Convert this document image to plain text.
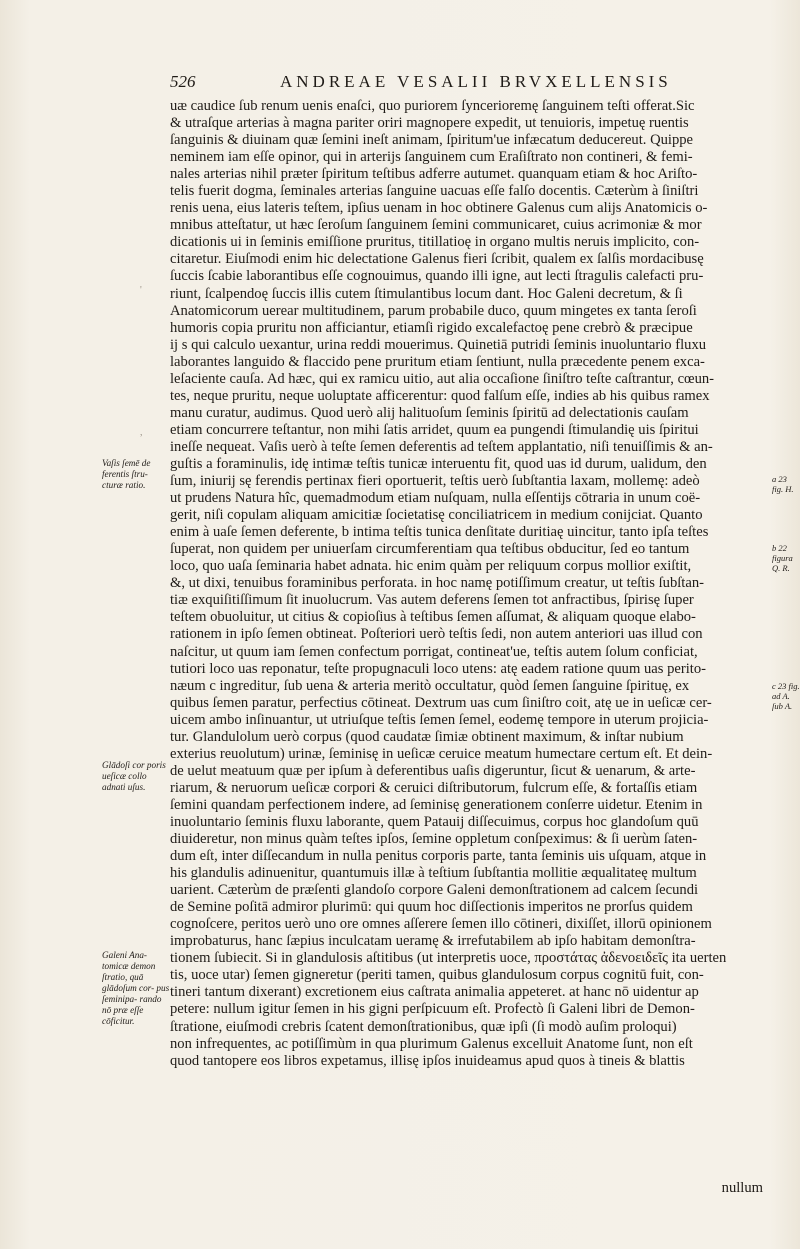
526	ANDREAE VESALII BRVXELLENSIS
uæ caudice ſub renum uenis enaſci, quo puriorem ſyncerioremę ſanguinem teſti offerat.Sic
& utraſque arterias à magna pariter oriri magnopere expedit, ut tenuioris, impetuę ruentis
ſanguinis & diuinam quæ ſemini ineſt animam, ſpiritum'ue infæcatum deducereut. Quippe
neminem iam eſſe opinor, qui in arterijs ſanguinem cum Eraſiſtrato non contineri, & femi-
nales arterias nihil præter ſpiritum teſtibus adferre autumet. quanquam etiam & hoc Ariſto-
telis fuerit dogma, ſeminales arterias ſanguine uacuas eſſe falſo docentis. Cæterùm à ſiniſtri
renis uena, eius lateris teſtem, ipſius uenam in hoc obtinere Galenus cum alijs Anatomicis o-
mnibus atteſtatur, ut hæc ſeroſum ſanguinem ſemini communicaret, cuius acrimoniæ & mor
dicationis ui in ſeminis emiſſione pruritus, titillatioę in organo multis neruis implicito, con-
citaretur. Eiuſmodi enim hic delectatione Galenus fieri ſcribit, qualem ex ſalſis mordacibusę
ſuccis ſcabie laborantibus eſſe cognouimus, quando illi igne, aut lecti ſtragulis calefacti pru-
riunt, ſcalpendoę ſuccis illis cutem ſtimulantibus locum dant. Hoc Galeni decretum, & ſi
Anatomicorum uerear multitudinem, parum probabile duco, quum mingetes ex tanta ſeroſi
humoris copia pruritu non afficiantur, etiamſi rigido excalefactoę pene crebrò & præcipue
ij s qui calculo uexantur, urina reddi mouerimus. Quinetiā putridi ſeminis inuoluntario fluxu
laborantes languido & flaccido pene pruritum etiam ſentiunt, nulla præcedente penem exca-
leſaciente cauſa. Ad hæc, qui ex ramicu uitio, aut alia occaſione ſiniſtro teſte caſtrantur, cœun-
tes, neque pruritu, neque uoluptate afficerentur: quod falſum eſſe, indies ab his quibus ramex
manu curatur, audimus. Quod uerò alij halituoſum ſeminis ſpiritū ad delectationis cauſam
etiam concurrere teſtantur, non mihi ſatis arridet, quum ea pungendi ſtimulandię uis ſpiritui
ineſſe nequeat. Vaſis uerò à teſte ſemen deferentis ad teſtem applantatio, niſi tenuiſſimis & an-
guſtis a foraminulis, idę intimæ teſtis tunicæ interuentu fit, quod uas id durum, ualidum, den
ſum, iniurij sę ferendis pertinax fieri oportuerit, teſtis uerò ſubſtantia laxam, mollemę: adeò
ut prudens Natura hîc, quemadmodum etiam nuſquam, nulla eſſentijs cōtraria in unum coë-
gerit, niſi copulam aliquam amicitiæ ſocietatisę conciliatricem in medium conijciat. Quanto
enim à uaſe ſemen deferente, b intima teſtis tunica denſitate duritiaę uincitur, tanto ipſa teſtes
ſuperat, non quidem per uniuerſam circumferentiam qua teſtibus obducitur, ſed eo tantum
loco, quo uaſa ſeminaria habet adnata. hic enim quàm per reliquum corpus mollior exiſtit,
&, ut dixi, tenuibus foraminibus perforata. in hoc namę potiſſimum creatur, ut teſtis ſubſtan-
tiæ exquiſitiſſimum ſit inuolucrum. Vas autem deferens ſemen tot anfractibus, ſpirisę ſuper
teſtem obuoluitur, ut citius & copioſius à teſtibus ſemen aſſumat, & aliquam quoque elabo-
rationem in ipſo ſemen obtineat. Poſteriori uerò teſtis ſedi, non autem anteriori uas illud con
naſcitur, ut quum iam ſemen confectum porrigat, contineat'ue, teſtis autem ſolum conficiat,
tutiori loco uas reponatur, teſte propugnaculi loco utens: atę eadem ratione quum uas perito-
næum c ingreditur, ſub uena & arteria meritò occultatur, quòd ſemen ſanguine ſpirituę, ex
quibus ſemen paratur, perfectius cōtineat. Dextrum uas cum ſiniſtro coit, atę ue in ueſicæ cer-
uicem ambo inſinuantur, ut utriuſque teſtis ſemen ſemel, eodemę tempore in uterum projicia-
tur. Glandulolum uerò corpus (quod caudatæ ſimiæ obtinent maximum, & inſtar nubium
exterius reuolutum) urinæ, ſeminisę in ueſicæ ceruice meatum humectare certum eſt. Et dein-
de uelut meatuum quæ per ipſum à deferentibus uaſis digeruntur, ſicut & uenarum, & arte-
riarum, & neruorum ueſicæ corpori & ceruici diſtributorum, fulcrum eſſe, & fortaſſis etiam
ſemini quandam perfectionem indere, ad ſeminisę generationem conſerre uidetur. Etenim in
inuoluntario ſeminis fluxu laborante, quem Patauij diſſecuimus, corpus hoc glandoſum quū
diuideretur, non minus quàm teſtes ipſos, ſemine oppletum conſpeximus: & ſi uerùm ſaten-
dum eſt, inter diſſecandum in nulla penitus corporis parte, tanta ſeminis uis uſquam, atque in
his glandulis adinuenitur, quantumuis illæ à teſtium ſubſtantia mollitie æqualitateę multum
uarient. Cæterùm de præſenti glandoſo corpore Galeni demonſtrationem ad calcem ſecundi
de Semine poſitā admiror plurimū: qui quum hoc diſſectionis imperitos ne prorſus quidem
cognoſcere, peritos uerò uno ore omnes aſſerere ſemen illo cōtineri, dixiſſet, illorū opinionem
improbaturus, hanc ſæpius inculcatam ueramę & irrefutabilem ab ipſo habitam demonſtra-
tionem ſubiecit. Si in glandulosis aſtitibus (ut interpretis uoce, προστάτας ἀδενοειδεῖς ita uerten
tis, uoce utar) ſemen gigneretur (periti tamen, quibus glandulosum corpus cognitū fuit, con-
tineri tantum dixerant) excretionem eius caſtrata animalia appeteret. at hanc nō uidentur ap
petere: nullum igitur ſemen in his gigni perſpicuum eſt. Profectò ſi Galeni libri de Demon-
ſtratione, eiuſmodi crebris ſcatent demonſtrationibus, quæ ipſi (ſi modò auſim proloqui)
non infrequentes, ac potiſſimùm in qua plurimum Galenus excelluit Anatome ſunt, non eſt
quod tantopere eos libros expetamus, illisę ipſos inuideamus apud quos à tineis & blattis
Vaſis ſemē de ferentis ſtru- cturæ ratio.
Glādoſi cor poris ueſicæ collo adnati uſus.
Galeni Ana- tomicæ demon ſtratio, quā glādoſum cor- pus ſeminipa- rando nō præ eſſe cōficitur.
a 23 fig. H.
b 22 figura Q. R.
c 23 fig. ad A. ſub A.
'
,
nullum
